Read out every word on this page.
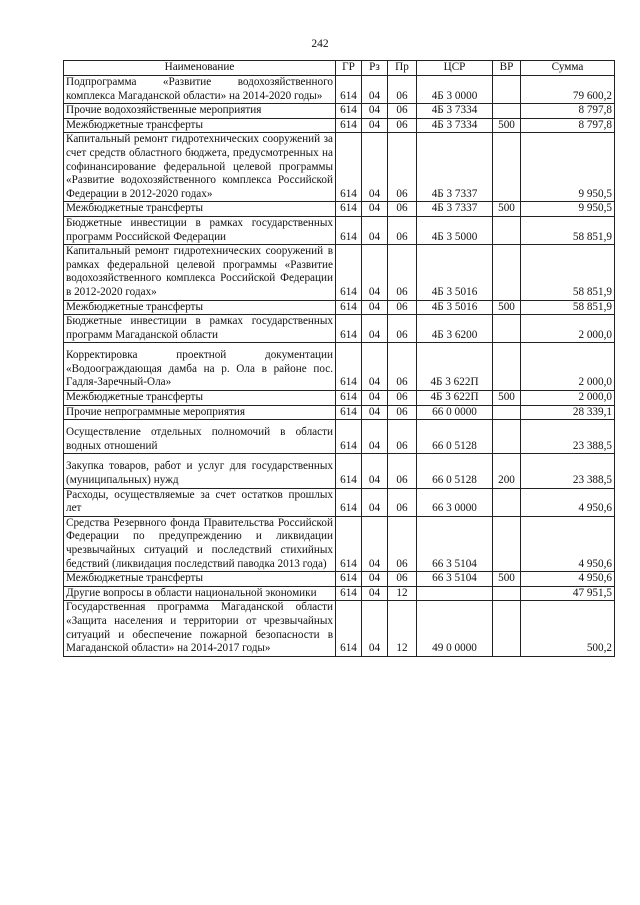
242
Наименование	ГР	Рз	Пр	ЦСР	ВР	Сумма
Подпрограмма «Развитие водохозяйственного комплекса Магаданской области» на 2014-2020 годы»	614	04	06	4Б 3 0000		79 600,2
Прочие водохозяйственные мероприятия	614	04	06	4Б 3 7334		8 797,8
Межбюджетные трансферты	614	04	06	4Б 3 7334	500	8 797,8
Капитальный ремонт гидротехнических сооружений за счет средств областного бюджета, предусмотренных на софинансирование федеральной целевой программы «Развитие водохозяйственного комплекса Российской Федерации в 2012-2020 годах»	614	04	06	4Б 3 7337		9 950,5
Межбюджетные трансферты	614	04	06	4Б 3 7337	500	9 950,5
Бюджетные инвестиции в рамках государственных программ Российской Федерации	614	04	06	4Б 3 5000		58 851,9
Капитальный ремонт гидротехнических сооружений в рамках федеральной целевой программы «Развитие водохозяйственного комплекса Российской Федерации в 2012-2020 годах»	614	04	06	4Б 3 5016		58 851,9
Межбюджетные трансферты	614	04	06	4Б 3 5016	500	58 851,9
Бюджетные инвестиции в рамках государственных программ Магаданской области	614	04	06	4Б 3 6200		2 000,0
Корректировка проектной документации «Водоограждающая дамба на р. Ола в районе пос. Гадля-Заречный-Ола»	614	04	06	4Б 3 622П		2 000,0
Межбюджетные трансферты	614	04	06	4Б 3 622П	500	2 000,0
Прочие непрограммные мероприятия	614	04	06	66 0 0000		28 339,1
Осуществление отдельных полномочий в области водных отношений	614	04	06	66 0 5128		23 388,5
Закупка товаров, работ и услуг для государственных (муниципальных) нужд	614	04	06	66 0 5128	200	23 388,5
Расходы, осуществляемые за счет остатков прошлых лет	614	04	06	66 3 0000		4 950,6
Средства Резервного фонда Правительства Российской Федерации по предупреждению и ликвидации чрезвычайных ситуаций и последствий стихийных бедствий (ликвидация последствий паводка 2013 года)	614	04	06	66 3 5104		4 950,6
Межбюджетные трансферты	614	04	06	66 3 5104	500	4 950,6
Другие вопросы в области национальной экономики	614	04	12			47 951,5
Государственная программа Магаданской области «Защита населения и территории от чрезвычайных ситуаций и обеспечение пожарной безопасности в Магаданской области» на 2014-2017 годы»	614	04	12	49 0 0000		500,2
